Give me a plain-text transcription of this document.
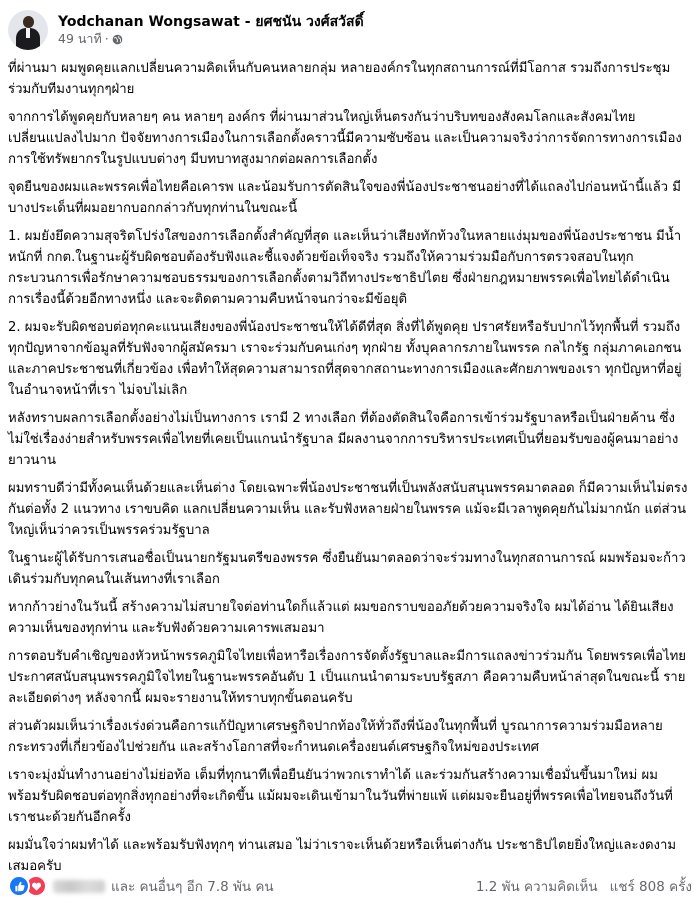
Yodchanan Wongsawat - ยศชนัน วงศ์สวัสดิ์
49 นาที ·

ที่ผ่านมา ผมพูดคุยแลกเปลี่ยนความคิดเห็นกับคนหลายกลุ่ม หลายองค์กรในทุกสถานการณ์ที่มีโอกาส รวมถึงการประชุมร่วมกับทีมงานทุกๆฝ่าย

จากการได้พูดคุยกับหลายๆ คน หลายๆ องค์กร ที่ผ่านมาส่วนใหญ่เห็นตรงกันว่าบริบทของสังคมโลกและสังคมไทยเปลี่ยนแปลงไปมาก ปัจจัยทางการเมืองในการเลือกตั้งคราวนี้มีความซับซ้อน และเป็นความจริงว่าการจัดการทางการเมือง การใช้ทรัพยากรในรูปแบบต่างๆ มีบทบาทสูงมากต่อผลการเลือกตั้ง

จุดยืนของผมและพรรคเพื่อไทยคือเคารพ และน้อมรับการตัดสินใจของพี่น้องประชาชนอย่างที่ได้แถลงไปก่อนหน้านี้แล้ว มีบางประเด็นที่ผมอยากบอกกล่าวกับทุกท่านในขณะนี้

1. ผมยังยึดความสุจริตโปร่งใสของการเลือกตั้งสำคัญที่สุด และเห็นว่าเสียงทักท้วงในหลายแง่มุมของพี่น้องประชาชน มีน้ำหนักที่ กกต.ในฐานะผู้รับผิดชอบต้องรับฟังและชี้แจงด้วยข้อเท็จจริง รวมถึงให้ความร่วมมือกับการตรวจสอบในทุกกระบวนการเพื่อรักษาความชอบธรรมของการเลือกตั้งตามวิถีทางประชาธิปไตย ซึ่งฝ่ายกฎหมายพรรคเพื่อไทยได้ดำเนินการเรื่องนี้ด้วยอีกทางหนึ่ง และจะติดตามความคืบหน้าจนกว่าจะมีข้อยุติ

2. ผมจะรับผิดชอบต่อทุกคะแนนเสียงของพี่น้องประชาชนให้ได้ดีที่สุด สิ่งที่ได้พูดคุย ปราศรัยหรือรับปากไว้ทุกพื้นที่ รวมถึงทุกปัญหาจากข้อมูลที่รับฟังจากผู้สมัครมา เราจะร่วมกับคนเก่งๆ ทุกฝ่าย ทั้งบุคลากรภายในพรรค กลไกรัฐ กลุ่มภาคเอกชน และภาคประชาชนที่เกี่ยวข้อง เพื่อทำให้สุดความสามารถที่สุดจากสถานะทางการเมืองและศักยภาพของเรา ทุกปัญหาที่อยู่ในอำนาจหน้าที่เรา ไม่จบไม่เลิก

หลังทราบผลการเลือกตั้งอย่างไม่เป็นทางการ เรามี 2 ทางเลือก ที่ต้องตัดสินใจคือการเข้าร่วมรัฐบาลหรือเป็นฝ่ายค้าน ซึ่งไม่ใช่เรื่องง่ายสำหรับพรรคเพื่อไทยที่เคยเป็นแกนนำรัฐบาล มีผลงานจากการบริหารประเทศเป็นที่ยอมรับของผู้คนมาอย่างยาวนาน

ผมทราบดีว่ามีทั้งคนเห็นด้วยและเห็นต่าง โดยเฉพาะพี่น้องประชาชนที่เป็นพลังสนับสนุนพรรคมาตลอด ก็มีความเห็นไม่ตรงกันต่อทั้ง 2 แนวทาง เราขบคิด แลกเปลี่ยนความเห็น และรับฟังหลายฝ่ายในพรรค แม้จะมีเวลาพูดคุยกันไม่มากนัก แต่ส่วนใหญ่เห็นว่าควรเป็นพรรคร่วมรัฐบาล

ในฐานะผู้ได้รับการเสนอชื่อเป็นนายกรัฐมนตรีของพรรค ซึ่งยืนยันมาตลอดว่าจะร่วมทางในทุกสถานการณ์ ผมพร้อมจะก้าวเดินร่วมกับทุกคนในเส้นทางที่เราเลือก

หากก้าวย่างในวันนี้ สร้างความไม่สบายใจต่อท่านใดก็แล้วแต่ ผมขอกราบขออภัยด้วยความจริงใจ ผมได้อ่าน ได้ยินเสียงความเห็นของทุกท่าน และรับฟังด้วยความเคารพเสมอมา

การตอบรับคำเชิญของหัวหน้าพรรคภูมิใจไทยเพื่อหารือเรื่องการจัดตั้งรัฐบาลและมีการแถลงข่าวร่วมกัน โดยพรรคเพื่อไทยประกาศสนับสนุนพรรคภูมิใจไทยในฐานะพรรคอันดับ 1 เป็นแกนนำตามระบบรัฐสภา คือความคืบหน้าล่าสุดในขณะนี้ รายละเอียดต่างๆ หลังจากนี้ ผมจะรายงานให้ทราบทุกขั้นตอนครับ

ส่วนตัวผมเห็นว่าเรื่องเร่งด่วนคือการแก้ปัญหาเศรษฐกิจปากท้องให้ทั่วถึงพี่น้องในทุกพื้นที่ บูรณาการความร่วมมือหลายกระทรวงที่เกี่ยวข้องไปช่วยกัน และสร้างโอกาสที่จะกำหนดเครื่องยนต์เศรษฐกิจใหม่ของประเทศ

เราจะมุ่งมั่นทำงานอย่างไม่ย่อท้อ เต็มที่ทุกนาทีเพื่อยืนยันว่าพวกเราทำได้ และร่วมกันสร้างความเชื่อมั่นขึ้นมาใหม่ ผมพร้อมรับผิดชอบต่อทุกสิ่งทุกอย่างที่จะเกิดขึ้น แม้ผมจะเดินเข้ามาในวันที่พ่ายแพ้ แต่ผมจะยืนอยู่ที่พรรคเพื่อไทยจนถึงวันที่เราชนะด้วยกันอีกครั้ง

ผมมั่นใจว่าผมทำได้ และพร้อมรับฟังทุกๆ ท่านเสมอ ไม่ว่าเราจะเห็นด้วยหรือเห็นต่างกัน ประชาธิปไตยยิ่งใหญ่และงดงามเสมอครับ

และ คนอื่นๆ อีก 7.8 พัน คน	1.2 พัน ความคิดเห็น แชร์ 808 ครั้ง
